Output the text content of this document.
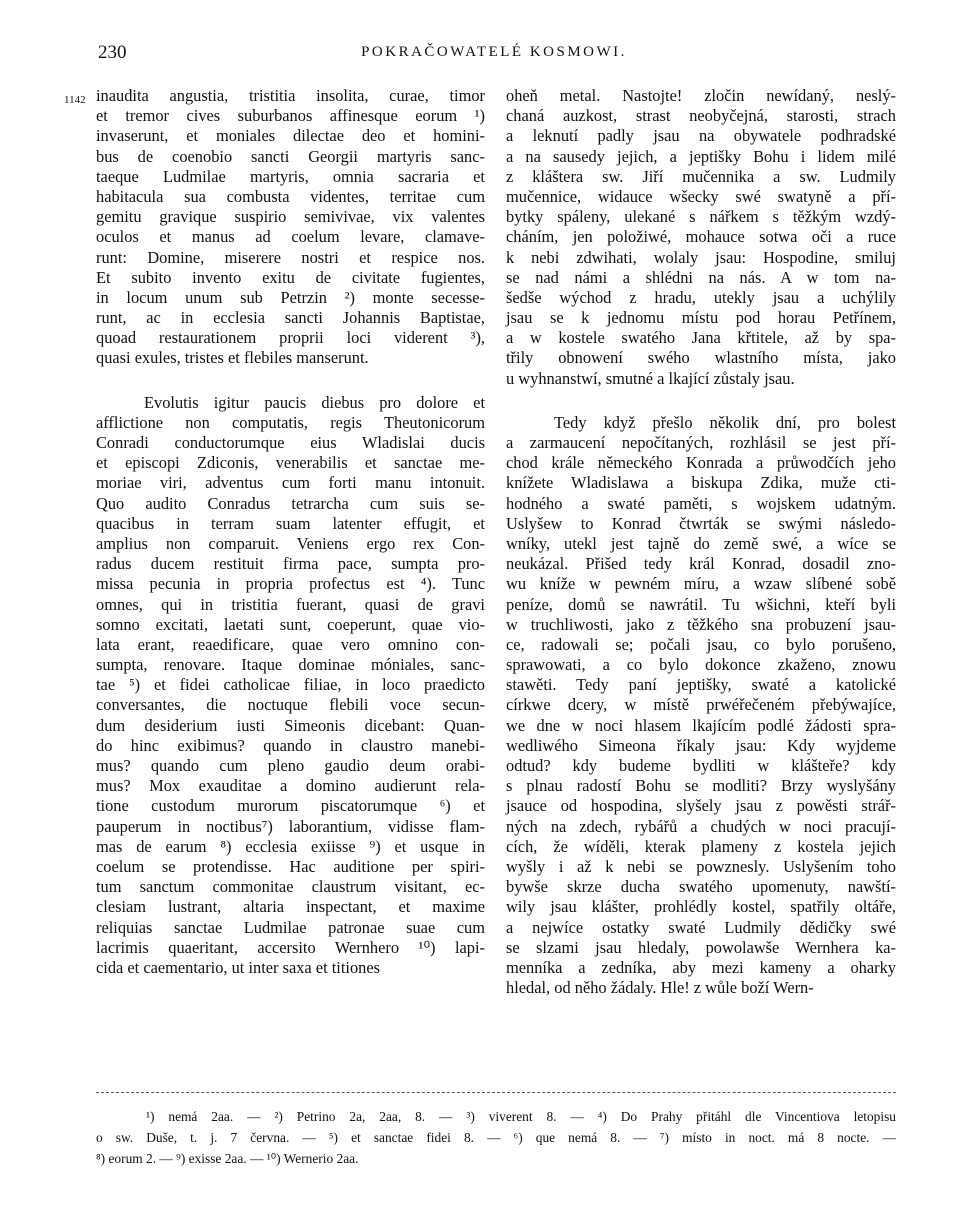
230	POKRAČOWATELÉ KOSMOWI.
1142 inaudita angustia, tristitia insolita, curae, timor
et tremor cives suburbanos affinesque eorum ¹)
invaserunt, et moniales dilectae deo et homini-
bus de coenobio sancti Georgii martyris sanc-
taeque Ludmilae martyris, omnia sacraria et
habitacula sua combusta videntes, territae cum
gemitu gravique suspirio semivivae, vix valentes
oculos et manus ad coelum levare, clamave-
runt: Domine, miserere nostri et respice nos.
Et subito invento exitu de civitate fugientes,
in locum unum sub Petrzin ²) monte secesse-
runt, ac in ecclesia sancti Johannis Baptistae,
quoad restaurationem proprii loci viderent ³),
quasi exules, tristes et flebiles manserunt.
Evolutis igitur paucis diebus pro dolore et
afflictione non computatis, regis Theutonicorum
Conradi conductorumque eius Wladislai ducis
et episcopi Zdiconis, venerabilis et sanctae me-
moriae viri, adventus cum forti manu intonuit.
Quo audito Conradus tetrarcha cum suis se-
quacibus in terram suam latenter effugit, et
amplius non comparuit. Veniens ergo rex Con-
radus ducem restituit firma pace, sumpta pro-
missa pecunia in propria profectus est ⁴). Tunc
omnes, qui in tristitia fuerant, quasi de gravi
somno excitati, laetati sunt, coeperunt, quae vio-
lata erant, reaedificare, quae vero omnino con-
sumpta, renovare. Itaque dominae móniales, sanc-
tae ⁵) et fidei catholicae filiae, in loco praedicto
conversantes, die noctuque flebili voce secun-
dum desiderium iusti Simeonis dicebant: Quan-
do hinc exibimus? quando in claustro manebi-
mus? quando cum pleno gaudio deum orabi-
mus? Mox exauditae a domino audierunt rela-
tione custodum murorum piscatorumque ⁶) et
pauperum in noctibus⁷) laborantium, vidisse flam-
mas de earum ⁸) ecclesia exiisse ⁹) et usque in
coelum se protendisse. Hac auditione per spiri-
tum sanctum commonitae claustrum visitant, ec-
clesiam lustrant, altaria inspectant, et maxime
reliquias sanctae Ludmilae patronae suae cum
lacrimis quaeritant, accersito Wernhero ¹⁰) lapi-
cida et caementario, ut inter saxa et titiones
oheň metal. Nastojte! zločin newídaný, neslý-
chaná auzkost, strast neobyčejná, starosti, strach
a leknutí padly jsau na obywatele podhradské
a na sausedy jejich, a jeptišky Bohu i lidem milé
z kláštera sw. Jiří mučennika a sw. Ludmily
mučennice, widauce wšecky swé swatyně a pří-
bytky spáleny, ulekané s nářkem s těžkým wzdý-
cháním, jen položiwé, mohauce sotwa oči a ruce
k nebi zdwihati, wolaly jsau: Hospodine, smiluj
se nad námi a shlédni na nás. A w tom na-
šedše wýchod z hradu, utekly jsau a uchýlily
jsau se k jednomu místu pod horau Petřínem,
a w kostele swatého Jana křtitele, až by spa-
třily obnowení swého wlastního místa, jako
u wyhnanstwí, smutné a lkající zůstaly jsau.
Tedy když přešlo několik dní, pro bolest
a zarmaucení nepočítaných, rozhlásil se jest pří-
chod krále německého Konrada a průwodčích jeho
knížete Wladislawa a biskupa Zdika, muže cti-
hodného a swaté paměti, s wojskem udatným.
Uslyšew to Konrad čtwrták se swými následo-
wníky, utekl jest tajně do země swé, a wíce se
neukázal. Přišed tedy král Konrad, dosadil zno-
wu kníže w pewném míru, a wzaw slíbené sobě
peníze, domů se nawrátil. Tu wšichni, kteří byli
w truchliwosti, jako z těžkého sna probuzení jsau-
ce, radowali se; počali jsau, co bylo porušeno,
sprawowati, a co bylo dokonce zkaženo, znowu
stawěti. Tedy paní jeptišky, swaté a katolické
církwe dcery, w místě prwéřečeném přebýwajíce,
we dne w noci hlasem lkajícím podlé žádosti spra-
wedliwého Simeona říkaly jsau: Kdy wyjdeme
odtud? kdy budeme bydliti w klášteře? kdy
s plnau radostí Bohu se modliti? Brzy wyslyšány
jsauce od hospodina, slyšely jsau z powěsti strář-
ných na zdech, rybářů a chudých w noci pracují-
cích, že wíděli, kterak plameny z kostela jejich
wyšly i až k nebi se powznesly. Uslyšením toho
bywše skrze ducha swatého upomenuty, nawští-
wily jsau klášter, prohlédly kostel, spatřily oltáře,
a nejwíce ostatky swaté Ludmily dědičky swé
se slzami jsau hledaly, powolawše Wernhera ka-
menníka a zedníka, aby mezi kameny a oharky
hledal, od něho žádaly. Hle! z wůle boží Wern-
¹) nemá 2aa. — ²) Petrino 2a, 2aa, 8. — ³) viverent 8. — ⁴) Do Prahy přitáhl dle Vincentiova letopisu
o sw. Duše, t. j. 7 června. — ⁵) et sanctae fidei 8. — ⁶) que nemá 8. — ⁷) místo in noct. má 8 nocte. —
⁸) eorum 2. — ⁹) exisse 2aa. — ¹⁰) Wernerio 2aa.
